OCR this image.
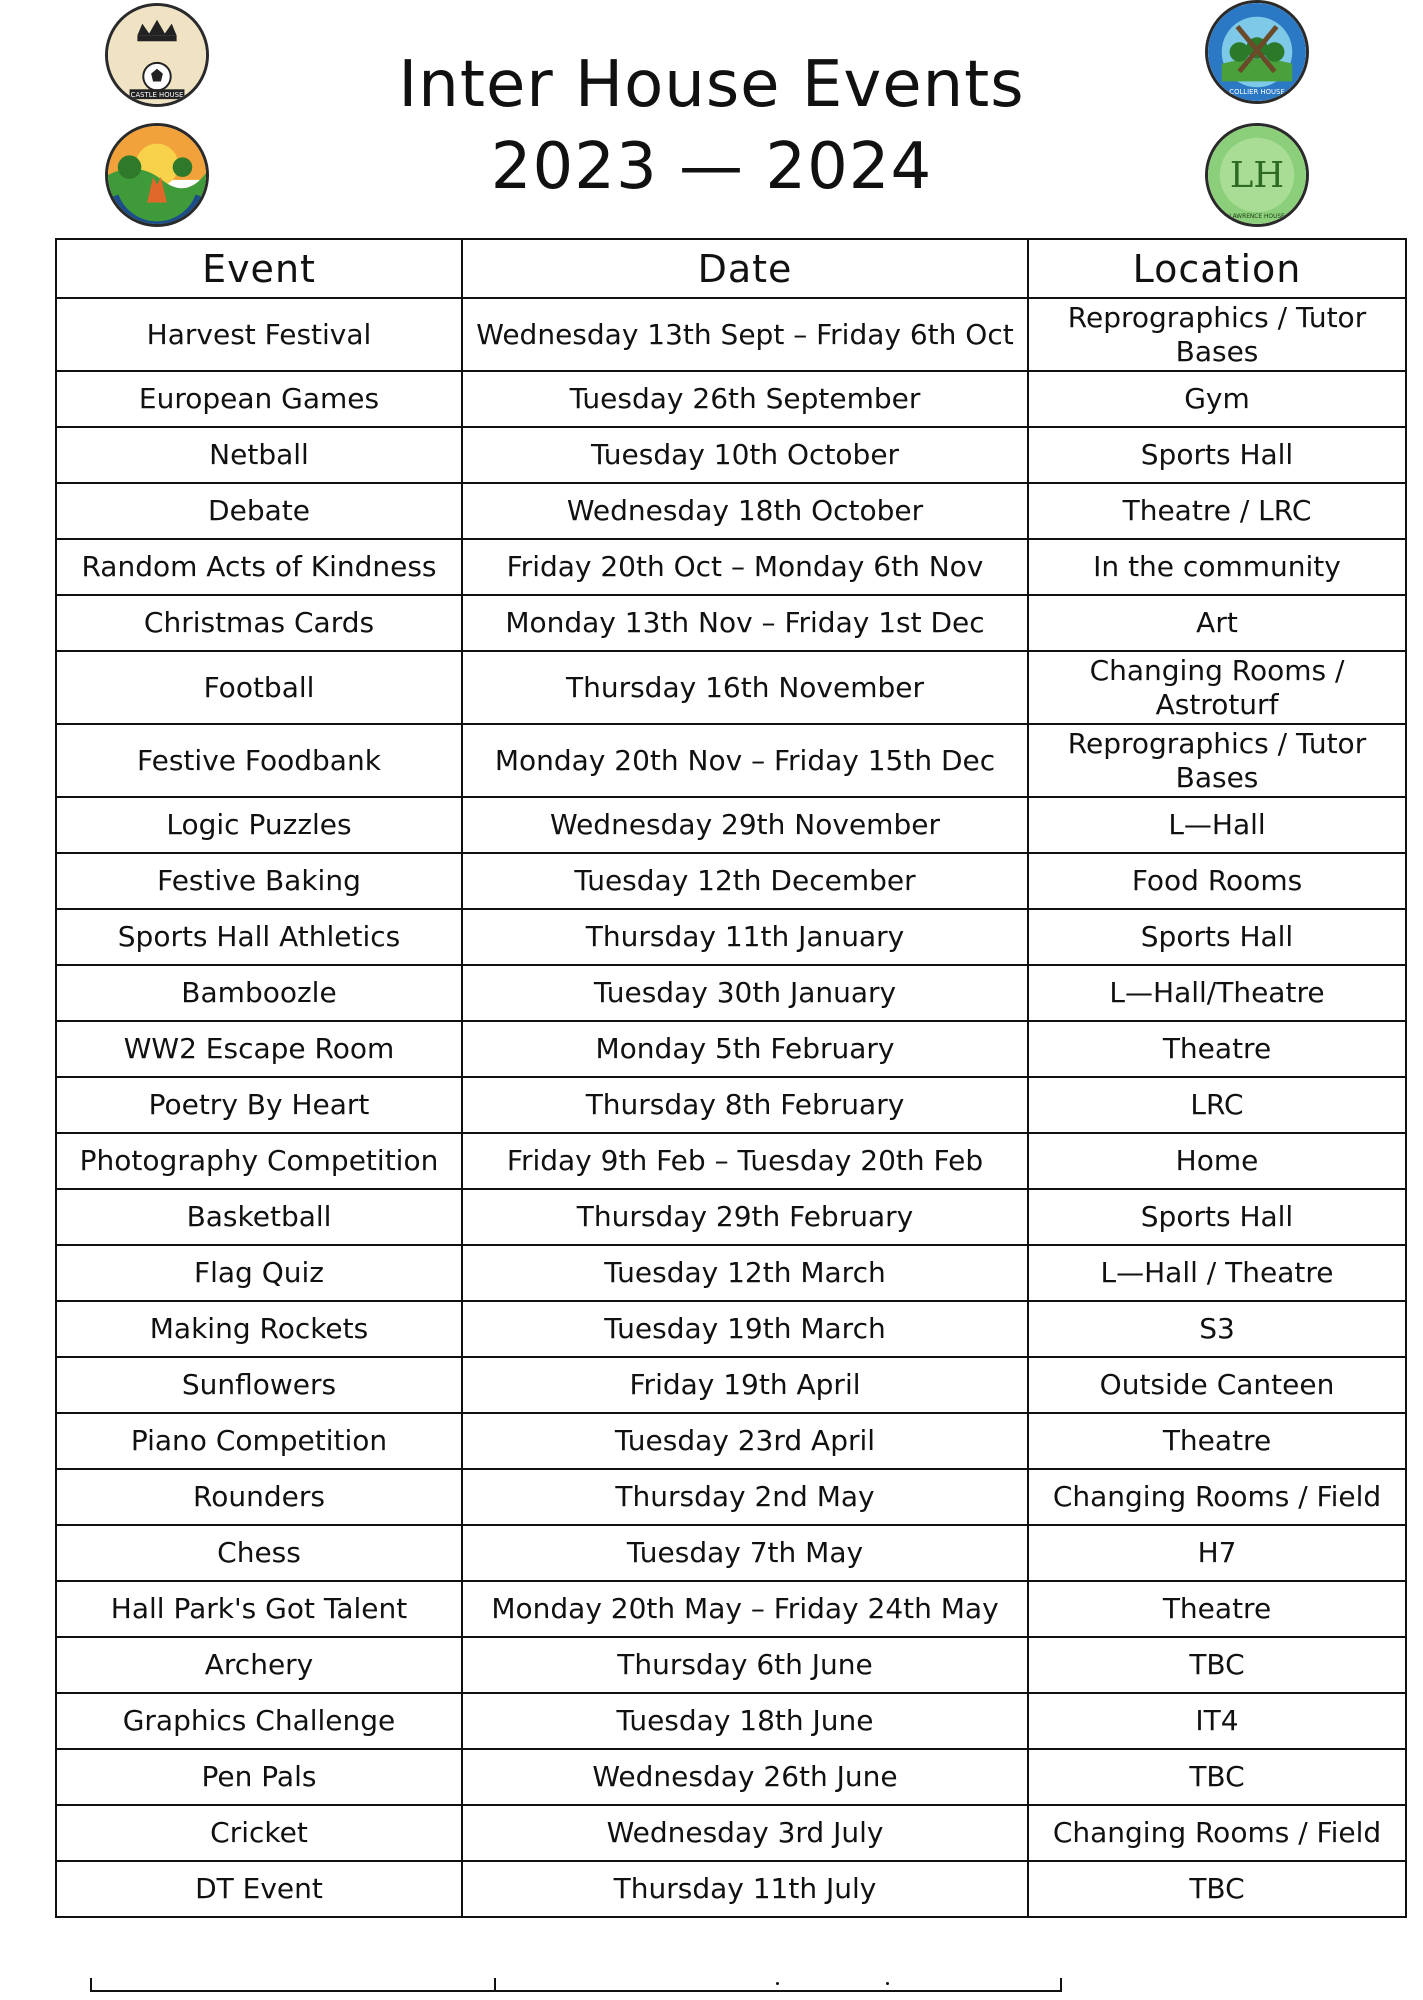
CASTLE HOUSE	COLLIER HOUSE
LH
LAWRENCE HOUSE
Inter House Events
2023 — 2024
Event	Date	Location
Harvest Festival	Wednesday 13th Sept – Friday 6th Oct	Reprographics / Tutor Bases
European Games	Tuesday 26th September	Gym
Netball	Tuesday 10th October	Sports Hall
Debate	Wednesday 18th October	Theatre / LRC
Random Acts of Kindness	Friday 20th Oct – Monday 6th Nov	In the community
Christmas Cards	Monday 13th Nov – Friday 1st Dec	Art
Football	Thursday 16th November	Changing Rooms / Astroturf
Festive Foodbank	Monday 20th Nov – Friday 15th Dec	Reprographics / Tutor Bases
Logic Puzzles	Wednesday 29th November	L—Hall
Festive Baking	Tuesday 12th December	Food Rooms
Sports Hall Athletics	Thursday 11th January	Sports Hall
Bamboozle	Tuesday 30th January	L—Hall/Theatre
WW2 Escape Room	Monday 5th February	Theatre
Poetry By Heart	Thursday 8th February	LRC
Photography Competition	Friday 9th Feb – Tuesday 20th Feb	Home
Basketball	Thursday 29th February	Sports Hall
Flag Quiz	Tuesday 12th March	L—Hall / Theatre
Making Rockets	Tuesday 19th March	S3
Sunflowers	Friday 19th April	Outside Canteen
Piano Competition	Tuesday 23rd April	Theatre
Rounders	Thursday 2nd May	Changing Rooms / Field
Chess	Tuesday 7th May	H7
Hall Park's Got Talent	Monday 20th May – Friday 24th May	Theatre
Archery	Thursday 6th June	TBC
Graphics Challenge	Tuesday 18th June	IT4
Pen Pals	Wednesday 26th June	TBC
Cricket	Wednesday 3rd July	Changing Rooms / Field
DT Event	Thursday 11th July	TBC
